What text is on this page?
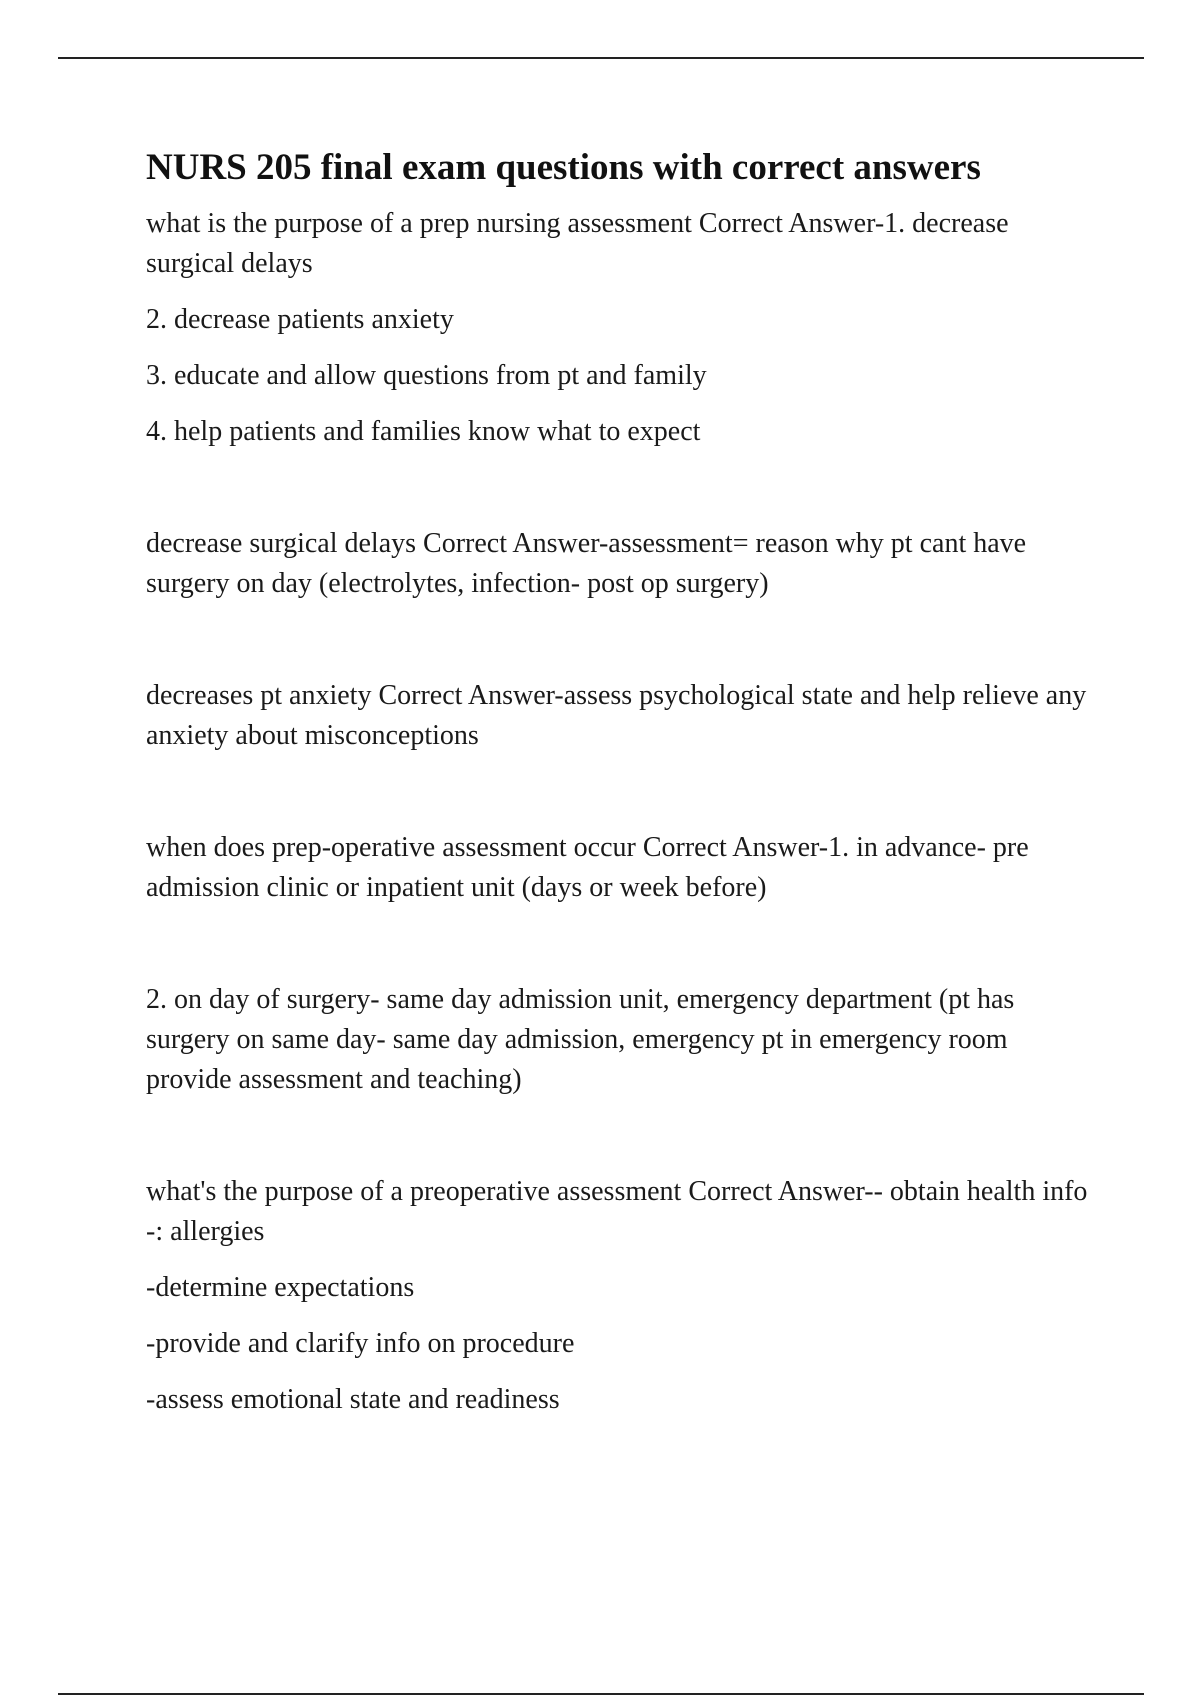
NURS 205 final exam questions with correct answers

what is the purpose of a prep nursing assessment Correct Answer-1. decrease surgical delays

2. decrease patients anxiety

3. educate and allow questions from pt and family

4. help patients and families know what to expect

decrease surgical delays Correct Answer-assessment= reason why pt cant have surgery on day (electrolytes, infection- post op surgery)

decreases pt anxiety Correct Answer-assess psychological state and help relieve any anxiety about misconceptions

when does prep-operative assessment occur Correct Answer-1. in advance- pre admission clinic or inpatient unit (days or week before)

2. on day of surgery- same day admission unit, emergency department (pt has surgery on same day- same day admission, emergency pt in emergency room provide assessment and teaching)

what's the purpose of a preoperative assessment Correct Answer-- obtain health info -: allergies

-determine expectations

-provide and clarify info on procedure

-assess emotional state and readiness
